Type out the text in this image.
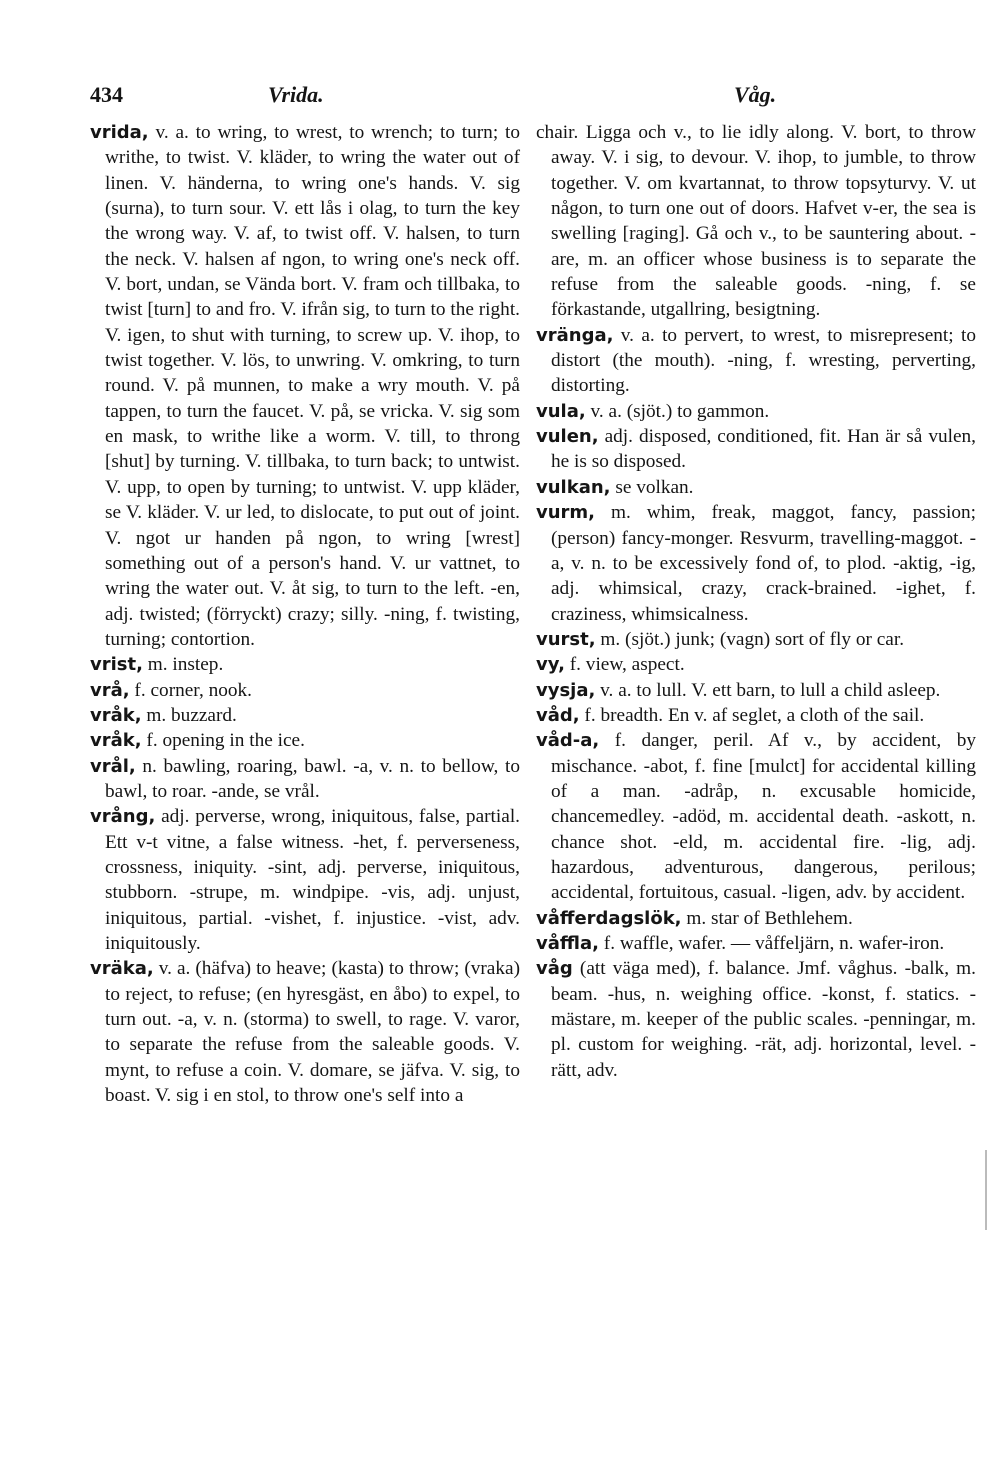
434	Vrida.	Våg.
vrida, v. a. to wring, to wrest, to wrench; to turn; to writhe, to twist. V. kläder, to wring the water out of linen. V. händerna, to wring one's hands. V. sig (surna), to turn sour. V. ett lås i olag, to turn the key the wrong way. V. af, to twist off. V. halsen, to turn the neck. V. halsen af ngon, to wring one's neck off. V. bort, undan, se Vända bort. V. fram och tillbaka, to twist [turn] to and fro. V. ifrån sig, to turn to the right. V. igen, to shut with turning, to screw up. V. ihop, to twist together. V. lös, to unwring. V. omkring, to turn round. V. på munnen, to make a wry mouth. V. på tappen, to turn the faucet. V. på, se vricka. V. sig som en mask, to writhe like a worm. V. till, to throng [shut] by turning. V. tillbaka, to turn back; to untwist. V. upp, to open by turning; to untwist. V. upp kläder, se V. kläder. V. ur led, to dislocate, to put out of joint. V. ngot ur handen på ngon, to wring [wrest] something out of a person's hand. V. ur vattnet, to wring the water out. V. åt sig, to turn to the left. -en, adj. twisted; (förryckt) crazy; silly. -ning, f. twisting, turning; contortion.
vrist, m. instep.
vrå, f. corner, nook.
vråk, m. buzzard.
vråk, f. opening in the ice.
vrål, n. bawling, roaring, bawl. -a, v. n. to bellow, to bawl, to roar. -ande, se vrål.
vrång, adj. perverse, wrong, iniquitous, false, partial. Ett v-t vitne, a false witness. -het, f. perverseness, crossness, iniquity. -sint, adj. perverse, iniquitous, stubborn. -strupe, m. windpipe. -vis, adj. unjust, iniquitous, partial. -vishet, f. injustice. -vist, adv. iniquitously.
vräka, v. a. (häfva) to heave; (kasta) to throw; (vraka) to reject, to refuse; (en hyresgäst, en åbo) to expel, to turn out. -a, v. n. (storma) to swell, to rage. V. varor, to separate the refuse from the saleable goods. V. mynt, to refuse a coin. V. domare, se jäfva. V. sig, to boast. V. sig i en stol, to throw one's self into a
chair. Ligga och v., to lie idly along. V. bort, to throw away. V. i sig, to devour. V. ihop, to jumble, to throw together. V. om kvartannat, to throw topsyturvy. V. ut någon, to turn one out of doors. Hafvet v-er, the sea is swelling [raging]. Gå och v., to be sauntering about. -are, m. an officer whose business is to separate the refuse from the saleable goods. -ning, f. se förkastande, utgallring, besigtning.
vränga, v. a. to pervert, to wrest, to misrepresent; to distort (the mouth). -ning, f. wresting, perverting, distorting.
vula, v. a. (sjöt.) to gammon.
vulen, adj. disposed, conditioned, fit. Han är så vulen, he is so disposed.
vulkan, se volkan.
vurm, m. whim, freak, maggot, fancy, passion; (person) fancy-monger. Resvurm, travelling-maggot. -a, v. n. to be excessively fond of, to plod. -aktig, -ig, adj. whimsical, crazy, crack-brained. -ighet, f. craziness, whimsicalness.
vurst, m. (sjöt.) junk; (vagn) sort of fly or car.
vy, f. view, aspect.
vysja, v. a. to lull. V. ett barn, to lull a child asleep.
våd, f. breadth. En v. af seglet, a cloth of the sail.
våd-a, f. danger, peril. Af v., by accident, by mischance. -abot, f. fine [mulct] for accidental killing of a man. -adråp, n. excusable homicide, chancemedley. -adöd, m. accidental death. -askott, n. chance shot. -eld, m. accidental fire. -lig, adj. hazardous, adventurous, dangerous, perilous; accidental, fortuitous, casual. -ligen, adv. by accident.
våfferdagslök, m. star of Bethlehem.
våffla, f. waffle, wafer. — våffeljärn, n. wafer-iron.
våg (att väga med), f. balance. Jmf. våghus. -balk, m. beam. -hus, n. weighing office. -konst, f. statics. -mästare, m. keeper of the public scales. -penningar, m. pl. custom for weighing. -rät, adj. horizontal, level. -rätt, adv.
